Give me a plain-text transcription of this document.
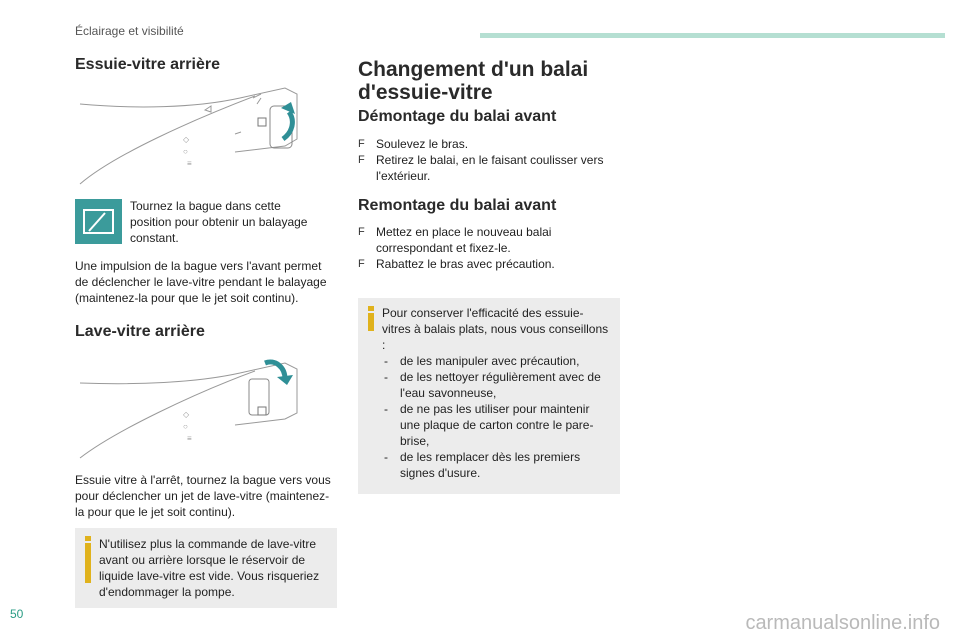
Éclairage et visibilité
Essuie-vitre arrière
◇
○
≡

Tournez la bague dans cette position pour obtenir un balayage constant.

Une impulsion de la bague vers l'avant permet de déclencher le lave-vitre pendant le balayage (maintenez-la pour que le jet soit continu).

Lave-vitre arrière
◇
○
≡

Essuie vitre à l'arrêt, tournez la bague vers vous pour déclencher un jet de lave-vitre (maintenez-la pour que le jet soit continu).

N'utilisez plus la commande de lave-vitre avant ou arrière lorsque le réservoir de liquide lave-vitre est vide. Vous risqueriez d'endommager la pompe.
Changement d'un balai d'essuie-vitre
Démontage du balai avant
F Soulevez le bras.
F Retirez le balai, en le faisant coulisser vers l'extérieur.
Remontage du balai avant
F Mettez en place le nouveau balai correspondant et fixez-le.
F Rabattez le bras avec précaution.
Pour conserver l'efficacité des essuie-vitres à balais plats, nous vous conseillons :
- de les manipuler avec précaution,
- de les nettoyer régulièrement avec de l'eau savonneuse,
- de ne pas les utiliser pour maintenir une plaque de carton contre le pare-brise,
- de les remplacer dès les premiers signes d'usure.
50	carmanualsonline.info
